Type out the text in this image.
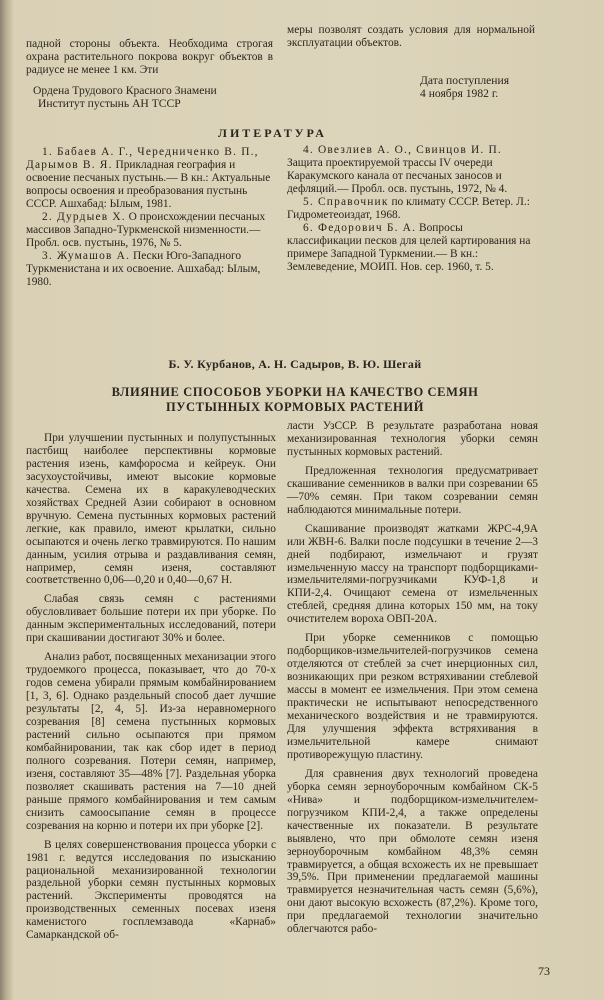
падной стороны объекта. Необходима строгая охрана растительного покрова вокруг объектов в радиусе не менее 1 км. Эти

меры позволят создать условия для нормальной эксплуатации объектов.

Ордена Трудового Красного Знамени
Институт пустынь АН ТССР
Дата поступления
4 ноября 1982 г.
ЛИТЕРАТУРА

1. Бабаев А. Г., Чередниченко В. П., Дарымов В. Я. Прикладная география и освоение песчаных пустынь.— В кн.: Актуальные вопросы освоения и преобразования пустынь СССР. Ашхабад: Ылым, 1981.

2. Дурдыев Х. О происхождении песчаных массивов Западно-Туркменской низменности.— Пробл. осв. пустынь, 1976, № 5.

3. Жумашов А. Пески Юго-Западного Туркменистана и их освоение. Ашхабад: Ылым, 1980.

4. Овезлиев А. О., Свинцов И. П. Защита проектируемой трассы IV очереди Каракумского канала от песчаных заносов и дефляций.— Пробл. осв. пустынь, 1972, № 4.

5. Справочник по климату СССР. Ветер. Л.: Гидрометеоиздат, 1968.

6. Федорович Б. А. Вопросы классификации песков для целей картирования на примере Западной Туркмении.— В кн.: Землеведение, МОИП. Нов. сер. 1960, т. 5.

Б. У. Курбанов, А. Н. Садыров, В. Ю. Шегай
ВЛИЯНИЕ СПОСОБОВ УБОРКИ НА КАЧЕСТВО СЕМЯН
ПУСТЫННЫХ КОРМОВЫХ РАСТЕНИЙ

При улучшении пустынных и полупустынных пастбищ наиболее перспективны кормовые растения изень, камфоросма и кейреук. Они засухоустойчивы, имеют высокие кормовые качества. Семена их в каракулеводческих хозяйствах Средней Азии собирают в основном вручную. Семена пустынных кормовых растений легкие, как правило, имеют крылатки, сильно осыпаются и очень легко травмируются. По нашим данным, усилия отрыва и раздавливания семян, например, семян изеня, составляют соответственно 0,06—0,20 и 0,40—0,67 Н.

Слабая связь семян с растениями обусловливает большие потери их при уборке. По данным экспериментальных исследований, потери при скашивании достигают 30% и более.

Анализ работ, посвященных механизации этого трудоемкого процесса, показывает, что до 70-х годов семена убирали прямым комбайнированием [1, 3, 6]. Однако раздельный способ дает лучшие результаты [2, 4, 5]. Из-за неравномерного созревания [8] семена пустынных кормовых растений сильно осыпаются при прямом комбайнировании, так как сбор идет в период полного созревания. Потери семян, например, изеня, составляют 35—48% [7]. Раздельная уборка позволяет скашивать растения на 7—10 дней раньше прямого комбайнирования и тем самым снизить самоосыпание семян в процессе созревания на корню и потери их при уборке [2].

В целях совершенствования процесса уборки с 1981 г. ведутся исследования по изысканию рациональной механизированной технологии раздельной уборки семян пустынных кормовых растений. Эксперименты проводятся на производственных семенных посевах изеня каменистого госплемзавода «Карнаб» Самаркандской об-

ласти УзССР. В результате разработана новая механизированная технология уборки семян пустынных кормовых растений.

Предложенная технология предусматривает скашивание семенников в валки при созревании 65—70% семян. При таком созревании семян наблюдаются минимальные потери.

Скашивание производят жатками ЖРС-4,9А или ЖВН-6. Валки после подсушки в течение 2—3 дней подбирают, измельчают и грузят измельченную массу на транспорт подборщиками-измельчителями-погрузчиками КУФ-1,8 и КПИ-2,4. Очищают семена от измельченных стеблей, средняя длина которых 150 мм, на току очистителем вороха ОВП-20А.

При уборке семенников с помощью подборщиков-измельчителей-погрузчиков семена отделяются от стеблей за счет инерционных сил, возникающих при резком встряхивании стеблевой массы в момент ее измельчения. При этом семена практически не испытывают непосредственного механического воздействия и не травмируются. Для улучшения эффекта встряхивания в измельчительной камере снимают противорежущую пластину.

Для сравнения двух технологий проведена уборка семян зерноуборочным комбайном СК-5 «Нива» и подборщиком-измельчителем-погрузчиком КПИ-2,4, а также определены качественные их показатели. В результате выявлено, что при обмолоте семян изеня зерноуборочным комбайном 48,3% семян травмируется, а общая всхожесть их не превышает 39,5%. При применении предлагаемой машины травмируется незначительная часть семян (5,6%), они дают высокую всхожесть (87,2%). Кроме того, при предлагаемой технологии значительно облегчаются рабо-

73
